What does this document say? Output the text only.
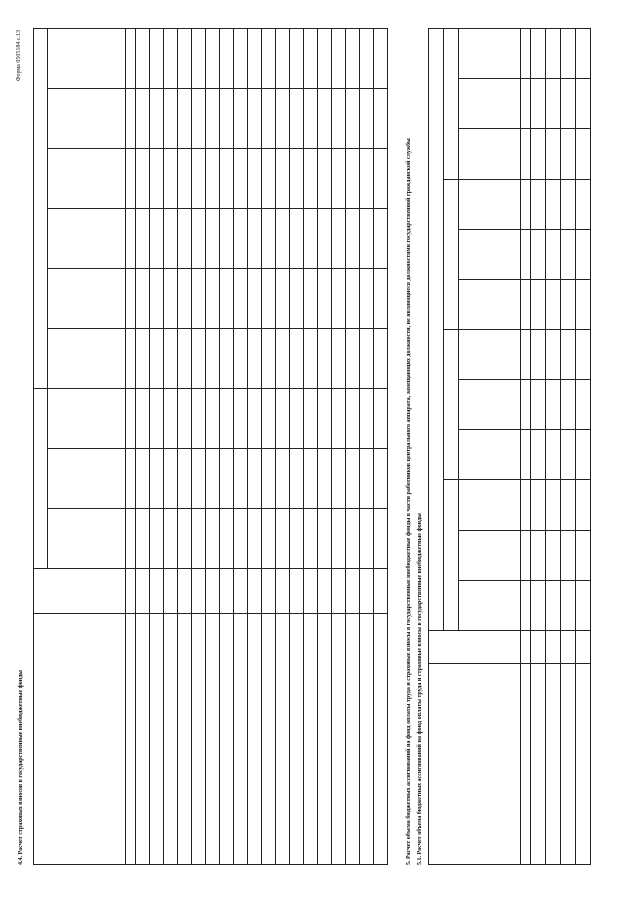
Форма 0505184 с.13
4.4. Расчет страховых взносов в государственные внебюджетные фонды

											5. Расчет объема бюджетных ассигнований на фонд оплаты труда и страховые взносы в государственные внебюджетные фонды в части работников центрального аппарата, замещающих должности, не являющиеся должностями государственной гражданской службы 5.1. Расчет объема бюджетных ассигнований на фонд оплаты труда и страховые взносы в государственные внебюджетные фонды
